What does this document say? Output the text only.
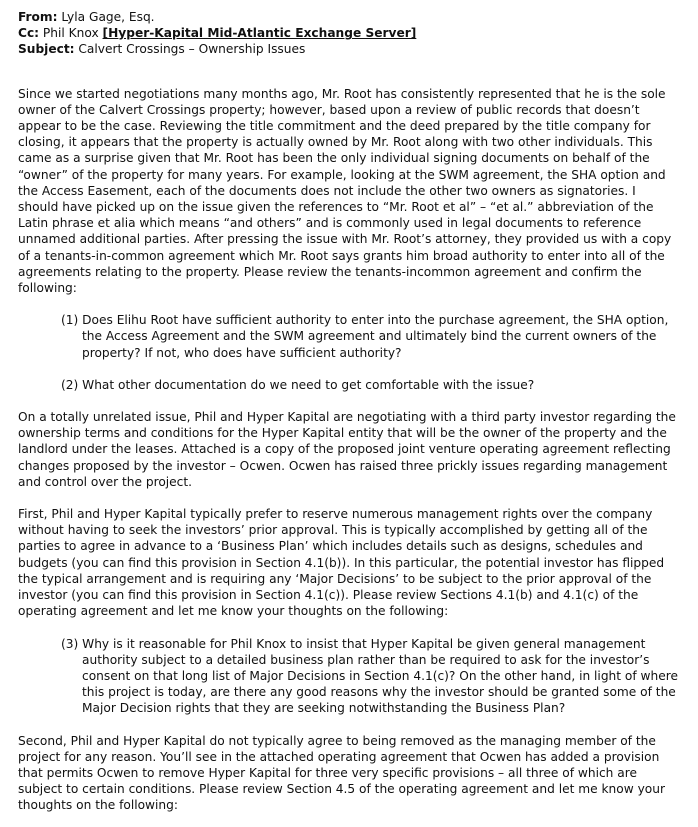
From: Lyla Gage, Esq.
Cc: Phil Knox [Hyper-Kapital Mid-Atlantic Exchange Server]
Subject: Calvert Crossings – Ownership Issues

Since we started negotiations many months ago, Mr. Root has consistently represented that he is the sole owner of the Calvert Crossings property; however, based upon a review of public records that doesn’t appear to be the case. Reviewing the title commitment and the deed prepared by the title company for closing, it appears that the property is actually owned by Mr. Root along with two other individuals. This came as a surprise given that Mr. Root has been the only individual signing documents on behalf of the “owner” of the property for many years. For example, looking at the SWM agreement, the SHA option and the Access Easement, each of the documents does not include the other two owners as signatories. I should have picked up on the issue given the references to “Mr. Root et al” – “et al.” abbreviation of the Latin phrase et alia which means “and others” and is commonly used in legal documents to reference unnamed additional parties. After pressing the issue with Mr. Root’s attorney, they provided us with a copy of a tenants-in-common agreement which Mr. Root says grants him broad authority to enter into all of the agreements relating to the property. Please review the tenants-incommon agreement and confirm the following:

(1) Does Elihu Root have sufficient authority to enter into the purchase agreement, the SHA option, the Access Agreement and the SWM agreement and ultimately bind the current owners of the property? If not, who does have sufficient authority?

(2) What other documentation do we need to get comfortable with the issue?

On a totally unrelated issue, Phil and Hyper Kapital are negotiating with a third party investor regarding the ownership terms and conditions for the Hyper Kapital entity that will be the owner of the property and the landlord under the leases. Attached is a copy of the proposed joint venture operating agreement reflecting changes proposed by the investor – Ocwen. Ocwen has raised three prickly issues regarding management and control over the project.

First, Phil and Hyper Kapital typically prefer to reserve numerous management rights over the company without having to seek the investors’ prior approval. This is typically accomplished by getting all of the parties to agree in advance to a ‘Business Plan’ which includes details such as designs, schedules and budgets (you can find this provision in Section 4.1(b)). In this particular, the potential investor has flipped the typical arrangement and is requiring any ‘Major Decisions’ to be subject to the prior approval of the investor (you can find this provision in Section 4.1(c)). Please review Sections 4.1(b) and 4.1(c) of the operating agreement and let me know your thoughts on the following:

(3) Why is it reasonable for Phil Knox to insist that Hyper Kapital be given general management authority subject to a detailed business plan rather than be required to ask for the investor’s consent on that long list of Major Decisions in Section 4.1(c)? On the other hand, in light of where this project is today, are there any good reasons why the investor should be granted some of the Major Decision rights that they are seeking notwithstanding the Business Plan?

Second, Phil and Hyper Kapital do not typically agree to being removed as the managing member of the project for any reason. You’ll see in the attached operating agreement that Ocwen has added a provision that permits Ocwen to remove Hyper Kapital for three very specific provisions – all three of which are subject to certain conditions. Please review Section 4.5 of the operating agreement and let me know your thoughts on the following:
